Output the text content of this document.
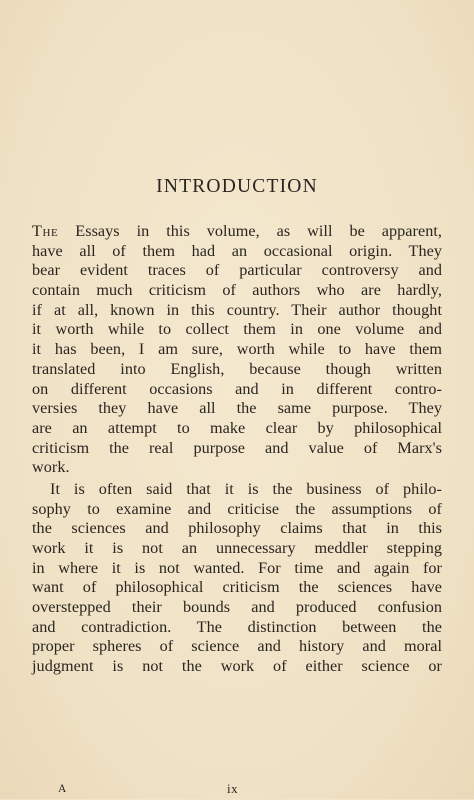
INTRODUCTION
The Essays in this volume, as will be apparent,
have all of them had an occasional origin. They
bear evident traces of particular controversy and
contain much criticism of authors who are hardly,
if at all, known in this country. Their author thought
it worth while to collect them in one volume and
it has been, I am sure, worth while to have them
translated into English, because though written
on different occasions and in different contro-
versies they have all the same purpose. They
are an attempt to make clear by philosophical
criticism the real purpose and value of Marx's
work.
It is often said that it is the business of philo-
sophy to examine and criticise the assumptions of
the sciences and philosophy claims that in this
work it is not an unnecessary meddler stepping
in where it is not wanted. For time and again for
want of philosophical criticism the sciences have
overstepped their bounds and produced confusion
and contradiction. The distinction between the
proper spheres of science and history and moral
judgment is not the work of either science or
A	ix
